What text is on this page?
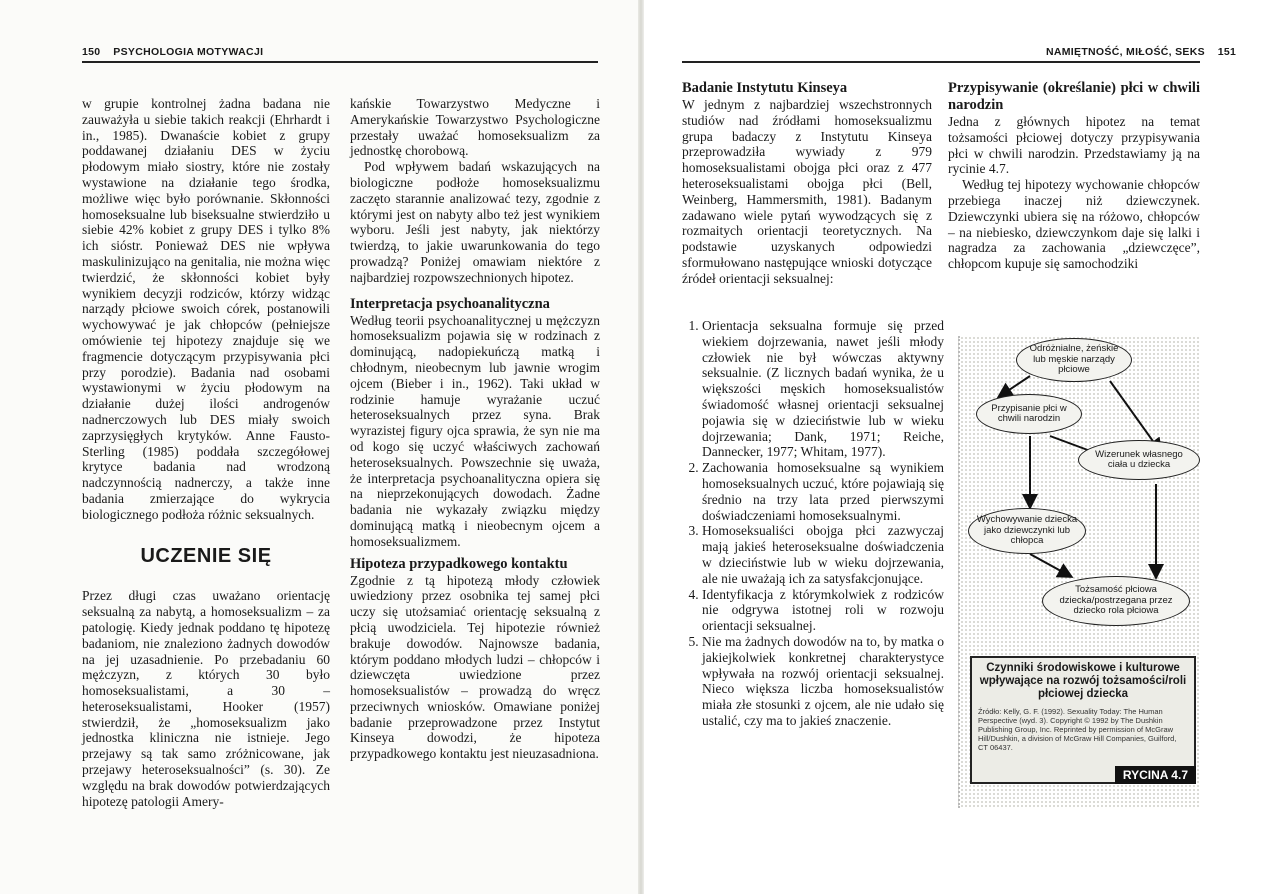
150 PSYCHOLOGIA MOTYWACJI

w grupie kontrolnej żadna badana nie zauważyła u siebie takich reakcji (Ehrhardt i in., 1985). Dwanaście kobiet z grupy poddawanej działaniu DES w życiu płodowym miało siostry, które nie zostały wystawione na działanie tego środka, możliwe więc było porównanie. Skłonności homoseksualne lub biseksualne stwierdziło u siebie 42% kobiet z grupy DES i tylko 8% ich sióstr. Ponieważ DES nie wpływa maskulinizująco na genitalia, nie można więc twierdzić, że skłonności kobiet były wynikiem decyzji rodziców, którzy widząc narządy płciowe swoich córek, postanowili wychowywać je jak chłopców (pełniejsze omówienie tej hipotezy znajduje się we fragmencie dotyczącym przypisywania płci przy porodzie). Badania nad osobami wystawionymi w życiu płodowym na działanie dużej ilości androgenów nadnerczowych lub DES miały swoich zaprzysięgłych krytyków. Anne Fausto-Sterling (1985) poddała szczegółowej krytyce badania nad wrodzoną nadczynnością nadnerczy, a także inne badania zmierzające do wykrycia biologicznego podłoża różnic seksualnych.

UCZENIE SIĘ

Przez długi czas uważano orientację seksualną za nabytą, a homoseksualizm – za patologię. Kiedy jednak poddano tę hipotezę badaniom, nie znaleziono żadnych dowodów na jej uzasadnienie. Po przebadaniu 60 mężczyzn, z których 30 było homoseksualistami, a 30 – heteroseksualistami, Hooker (1957) stwierdził, że „homoseksualizm jako jednostka kliniczna nie istnieje. Jego przejawy są tak samo zróżnicowane, jak przejawy heteroseksualności” (s. 30). Ze względu na brak dowodów potwierdzających hipotezę patologii Amery-

kańskie Towarzystwo Medyczne i Amerykańskie Towarzystwo Psychologiczne przestały uważać homoseksualizm za jednostkę chorobową.

Pod wpływem badań wskazujących na biologiczne podłoże homoseksualizmu zaczęto starannie analizować tezy, zgodnie z którymi jest on nabyty albo też jest wynikiem wyboru. Jeśli jest nabyty, jak niektórzy twierdzą, to jakie uwarunkowania do tego prowadzą? Poniżej omawiam niektóre z najbardziej rozpowszechnionych hipotez.

Interpretacja psychoanalityczna

Według teorii psychoanalitycznej u mężczyzn homoseksualizm pojawia się w rodzinach z dominującą, nadopiekuńczą matką i chłodnym, nieobecnym lub jawnie wrogim ojcem (Bieber i in., 1962). Taki układ w rodzinie hamuje wyrażanie uczuć heteroseksualnych przez syna. Brak wyrazistej figury ojca sprawia, że syn nie ma od kogo się uczyć właściwych zachowań heteroseksualnych. Powszechnie się uważa, że interpretacja psychoanalityczna opiera się na nieprzekonujących dowodach. Żadne badania nie wykazały związku między dominującą matką i nieobecnym ojcem a homoseksualizmem.

Hipoteza przypadkowego kontaktu

Zgodnie z tą hipotezą młody człowiek uwiedziony przez osobnika tej samej płci uczy się utożsamiać orientację seksualną z płcią uwodziciela. Tej hipotezie również brakuje dowodów. Najnowsze badania, którym poddano młodych ludzi – chłopców i dziewczęta uwiedzione przez homoseksualistów – prowadzą do wręcz przeciwnych wniosków. Omawiane poniżej badanie przeprowadzone przez Instytut Kinseya dowodzi, że hipoteza przypadkowego kontaktu jest nieuzasadniona.

NAMIĘTNOŚĆ, MIŁOŚĆ, SEKS 151
Badanie Instytutu Kinseya

W jednym z najbardziej wszechstronnych studiów nad źródłami homoseksualizmu grupa badaczy z Instytutu Kinseya przeprowadziła wywiady z 979 homoseksualistami obojga płci oraz z 477 heteroseksualistami obojga płci (Bell, Weinberg, Hammersmith, 1981). Badanym zadawano wiele pytań wywodzących się z rozmaitych orientacji teoretycznych. Na podstawie uzyskanych odpowiedzi sformułowano następujące wnioski dotyczące źródeł orientacji seksualnej:

Przypisywanie (określanie) płci w chwili narodzin

Jedna z głównych hipotez na temat tożsamości płciowej dotyczy przypisywania płci w chwili narodzin. Przedstawiamy ją na rycinie 4.7.

Według tej hipotezy wychowanie chłopców przebiega inaczej niż dziewczynek. Dziewczynki ubiera się na różowo, chłopców – na niebiesko, dziewczynkom daje się lalki i nagradza za zachowania „dziewczęce”, chłopcom kupuje się samochodziki

1. Orientacja seksualna formuje się przed wiekiem dojrzewania, nawet jeśli młody człowiek nie był wówczas aktywny seksualnie. (Z licznych badań wynika, że u większości męskich homoseksualistów świadomość własnej orientacji seksualnej pojawia się w dzieciństwie lub w wieku dojrzewania; Dank, 1971; Reiche, Dannecker, 1977; Whitam, 1977).
2. Zachowania homoseksualne są wynikiem homoseksualnych uczuć, które pojawiają się średnio na trzy lata przed pierwszymi doświadczeniami homoseksualnymi.
3. Homoseksualiści obojga płci zazwyczaj mają jakieś heteroseksualne doświadczenia w dzieciństwie lub w wieku dojrzewania, ale nie uważają ich za satysfakcjonujące.
4. Identyfikacja z którymkolwiek z rodziców nie odgrywa istotnej roli w rozwoju orientacji seksualnej.
5. Nie ma żadnych dowodów na to, by matka o jakiejkolwiek konkretnej charakterystyce wpływała na rozwój orientacji seksualnej. Nieco większa liczba homoseksualistów miała złe stosunki z ojcem, ale nie udało się ustalić, czy ma to jakieś znaczenie.
Odróżnialne, żeńskie lub męskie narządy płciowe
Przypisanie płci w chwili narodzin
Wizerunek własnego ciała u dziecka
Wychowywanie dziecka jako dziewczynki lub chłopca
Tożsamość płciowa dziecka/postrzegana przez dziecko rola płciowa
Czynniki środowiskowe i kulturowe wpływające na rozwój tożsamości/roli płciowej dziecka
Źródło: Kelly, G. F. (1992). Sexuality Today: The Human Perspective (wyd. 3). Copyright © 1992 by The Dushkin Publishing Group, Inc. Reprinted by permission of McGraw Hill/Dushkin, a division of McGraw Hill Companies, Guilford, CT 06437.
RYCINA 4.7
